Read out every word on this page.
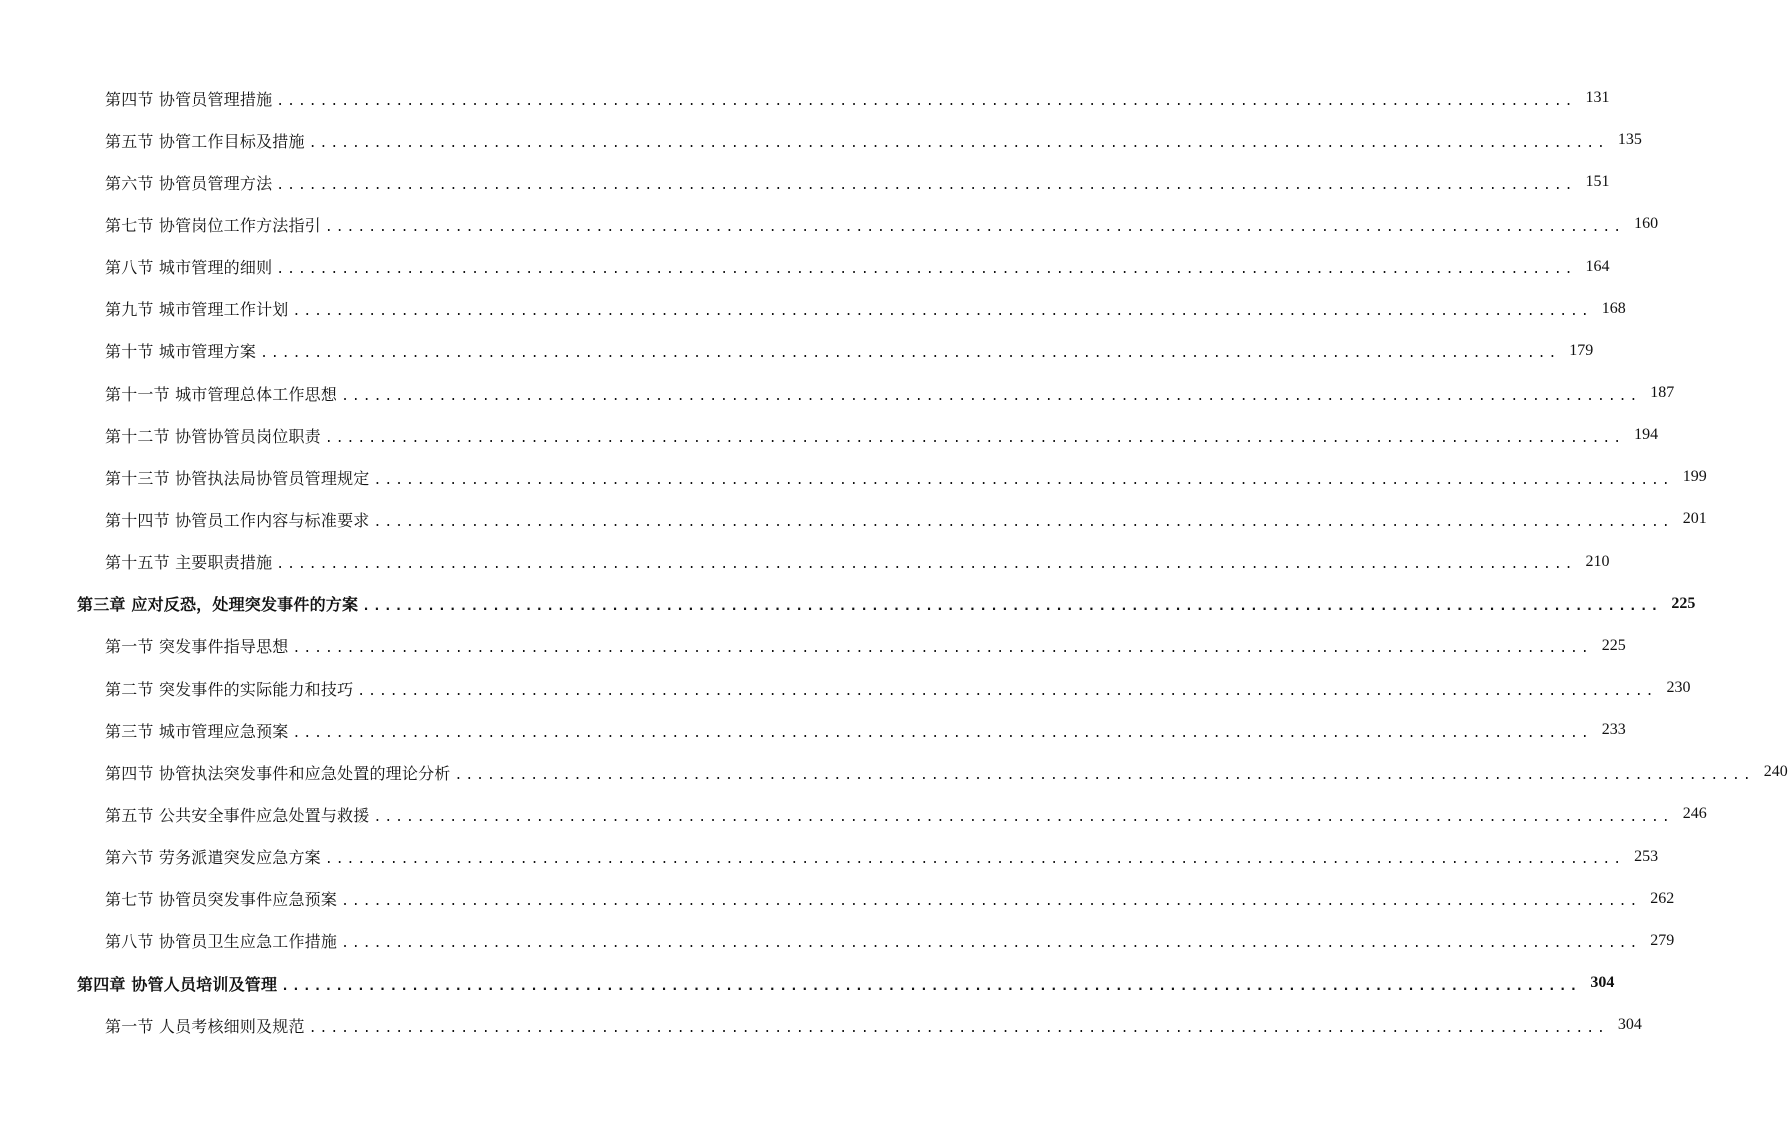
第四节 协管员管理措施 ........................................................................................................................ 131
第五节 协管工作目标及措施 ........................................................................................................................ 135
第六节 协管员管理方法 ........................................................................................................................ 151
第七节 协管岗位工作方法指引 ........................................................................................................................ 160
第八节 城市管理的细则 ........................................................................................................................ 164
第九节 城市管理工作计划 ........................................................................................................................ 168
第十节 城市管理方案 ........................................................................................................................ 179
第十一节 城市管理总体工作思想 ........................................................................................................................ 187
第十二节 协管协管员岗位职责 ........................................................................................................................ 194
第十三节 协管执法局协管员管理规定 ........................................................................................................................ 199
第十四节 协管员工作内容与标准要求 ........................................................................................................................ 201
第十五节 主要职责措施 ........................................................................................................................ 210
第三章 应对反恐，处理突发事件的方案 ........................................................................................................................ 225
第一节 突发事件指导思想 ........................................................................................................................ 225
第二节 突发事件的实际能力和技巧 ........................................................................................................................ 230
第三节 城市管理应急预案 ........................................................................................................................ 233
第四节 协管执法突发事件和应急处置的理论分析 ........................................................................................................................ 240
第五节 公共安全事件应急处置与救援 ........................................................................................................................ 246
第六节 劳务派遣突发应急方案 ........................................................................................................................ 253
第七节 协管员突发事件应急预案 ........................................................................................................................ 262
第八节 协管员卫生应急工作措施 ........................................................................................................................ 279
第四章 协管人员培训及管理 ........................................................................................................................ 304
第一节 人员考核细则及规范 ........................................................................................................................ 304
